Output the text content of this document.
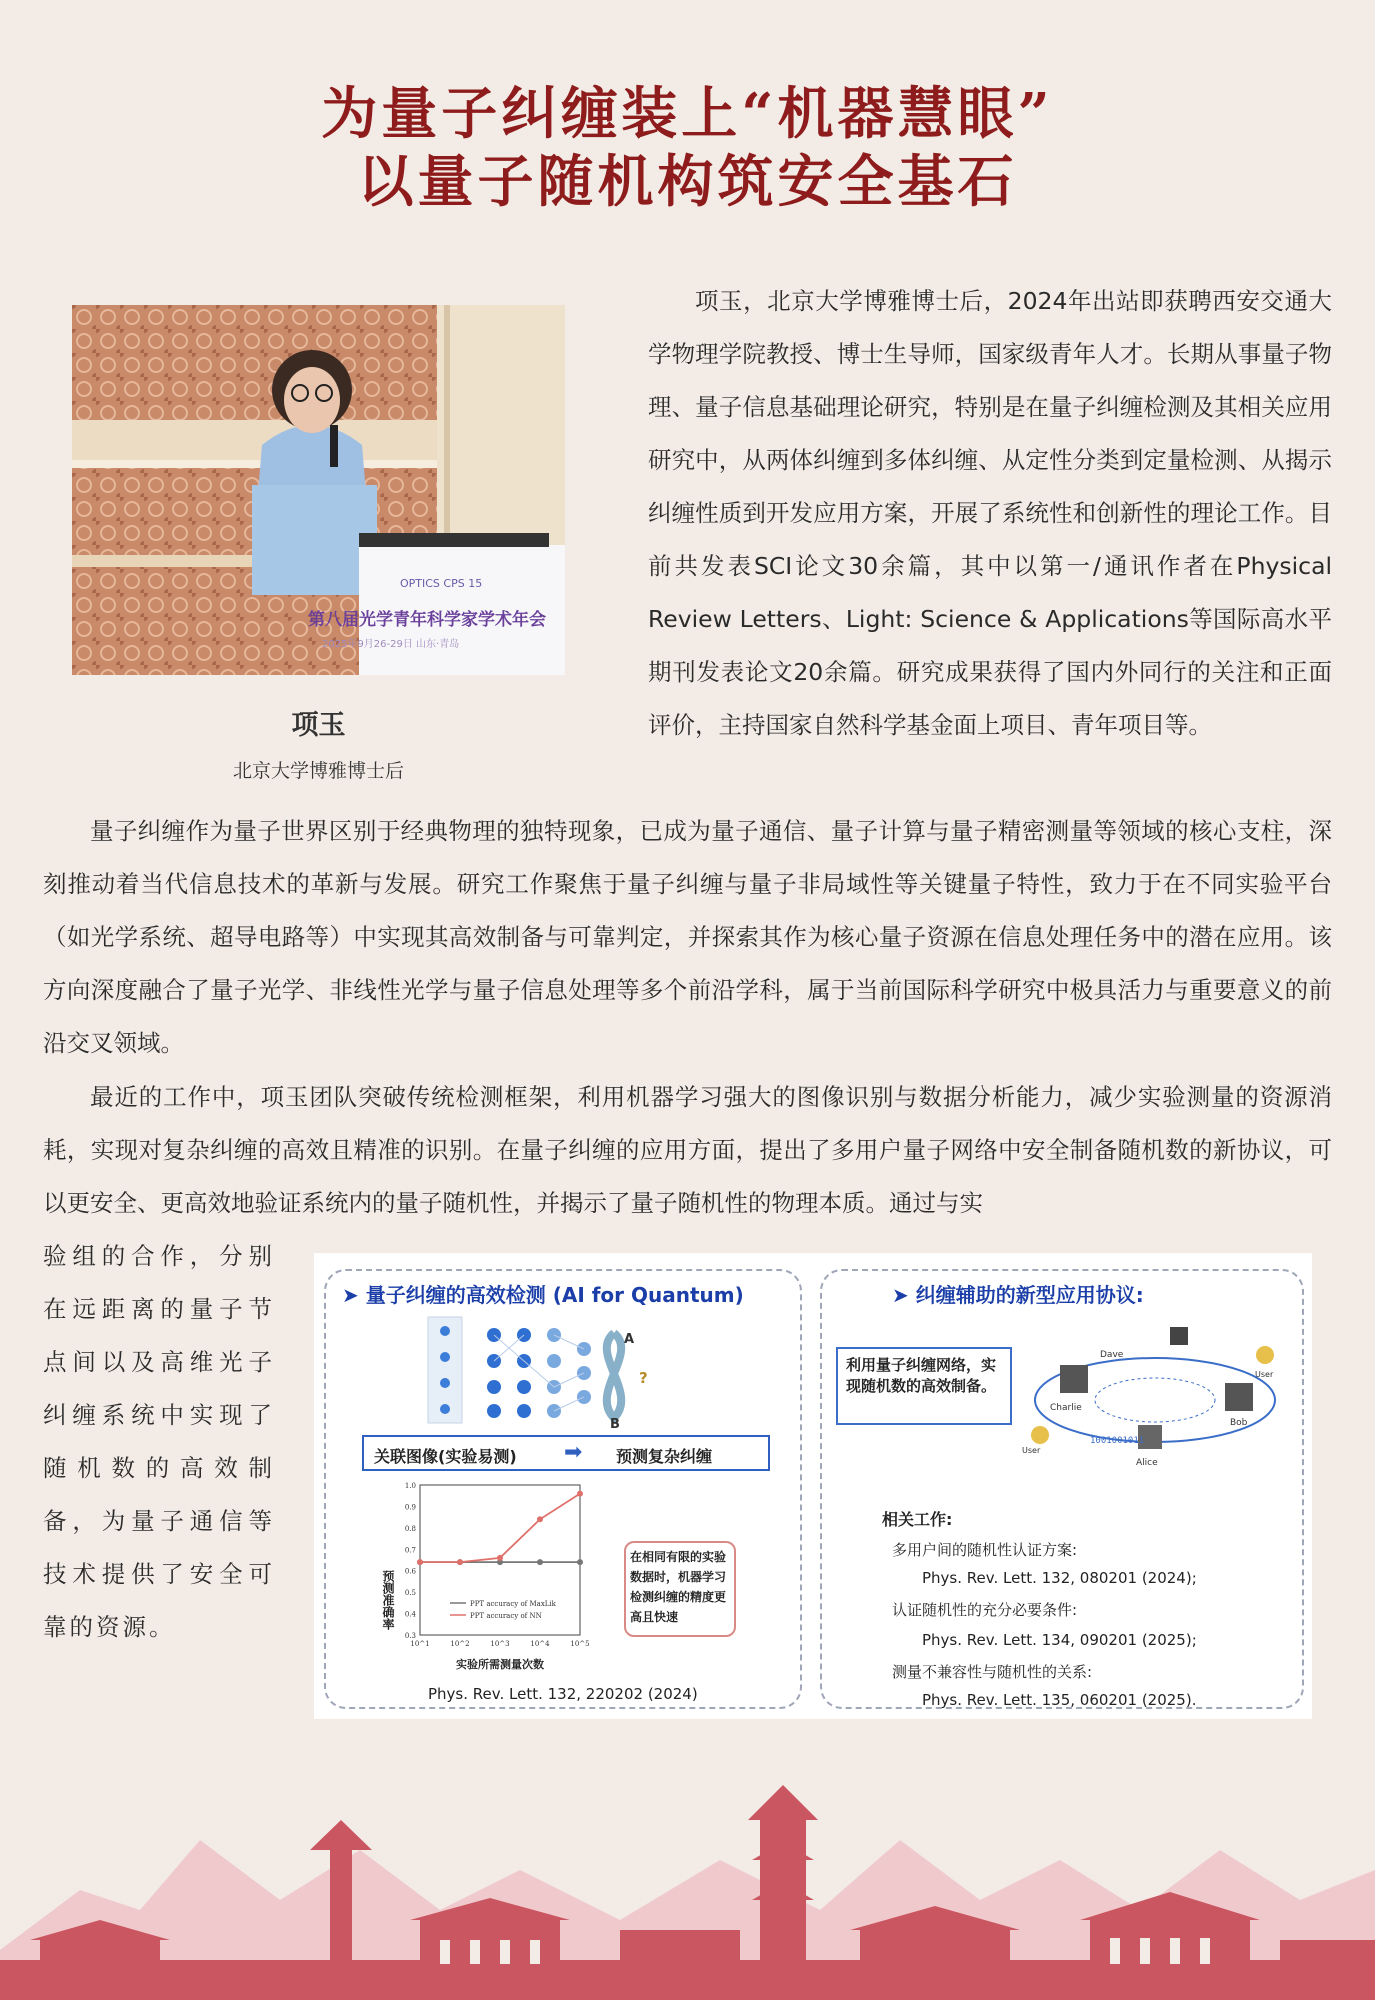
为量子纠缠装上“机器慧眼”
以量子随机构筑安全基石
OPTICS CPS 15
第八届光学青年科学家学术年会
2025年9月26-29日 山东·青岛
项玉
北京大学博雅博士后

项玉，北京大学博雅博士后，2024年出站即获聘西安交通大学物理学院教授、博士生导师，国家级青年人才。长期从事量子物理、量子信息基础理论研究，特别是在量子纠缠检测及其相关应用研究中，从两体纠缠到多体纠缠、从定性分类到定量检测、从揭示纠缠性质到开发应用方案，开展了系统性和创新性的理论工作。目前共发表SCI论文30余篇，其中以第一/通讯作者在Physical Review Letters、Light: Science & Applications等国际高水平期刊发表论文20余篇。研究成果获得了国内外同行的关注和正面评价，主持国家自然科学基金面上项目、青年项目等。

量子纠缠作为量子世界区别于经典物理的独特现象，已成为量子通信、量子计算与量子精密测量等领域的核心支柱，深刻推动着当代信息技术的革新与发展。研究工作聚焦于量子纠缠与量子非局域性等关键量子特性，致力于在不同实验平台（如光学系统、超导电路等）中实现其高效制备与可靠判定，并探索其作为核心量子资源在信息处理任务中的潜在应用。该方向深度融合了量子光学、非线性光学与量子信息处理等多个前沿学科，属于当前国际科学研究中极具活力与重要意义的前沿交叉领域。

最近的工作中，项玉团队突破传统检测框架，利用机器学习强大的图像识别与数据分析能力，减少实验测量的资源消耗，实现对复杂纠缠的高效且精准的识别。在量子纠缠的应用方面，提出了多用户量子网络中安全制备随机数的新协议，可以更安全、更高效地验证系统内的量子随机性，并揭示了量子随机性的物理本质。通过与实

验组的合作，分别在远距离的量子节点间以及高维光子纠缠系统中实现了随机数的高效制备，为量子通信等技术提供了安全可靠的资源。

➤ 量子纠缠的高效检测 (AI for Quantum)
A
B
?
关联图像(实验易测) ➡ 预测复杂纠缠
预测准确率
实验所需测量次数
0.3
0.4
0.5
0.6
0.7
0.8
0.9
1.0
10^1	10^2	10^3	10^4	10^5
PPT accuracy of MaxLik
PPT accuracy of NN
在相同有限的实验数据时，机器学习检测纠缠的精度更高且快速
Phys. Rev. Lett. 132, 220202 (2024)
➤ 纠缠辅助的新型应用协议:
利用量子纠缠网络，实现随机数的高效制备。
Charlie
Dave
Bob
Alice
User
User
1001001011
相关工作:
多用户间的随机性认证方案:
Phys. Rev. Lett. 132, 080201 (2024);
认证随机性的充分必要条件:
Phys. Rev. Lett. 134, 090201 (2025);
测量不兼容性与随机性的关系:
Phys. Rev. Lett. 135, 060201 (2025).
